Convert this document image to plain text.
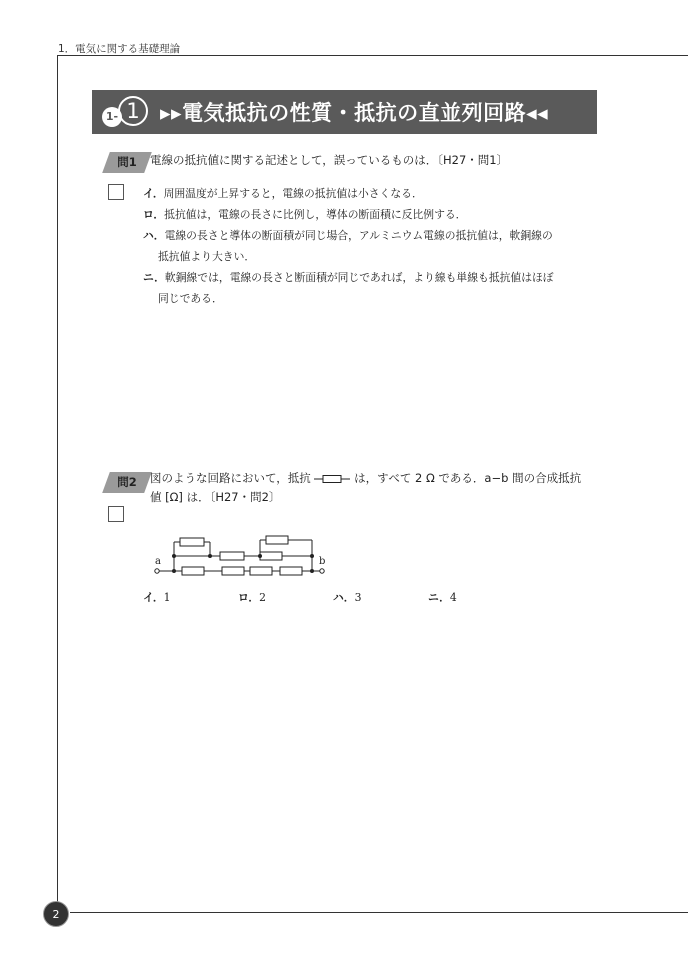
1．電気に関する基礎理論
2
1- 1 ▸▸電気抵抗の性質・抵抗の直並列回路◂◂
問1	電線の抵抗値に関する記述として，誤っているものは．〔H27・問1〕
イ．周囲温度が上昇すると，電線の抵抗値は小さくなる．
ロ．抵抗値は，電線の長さに比例し，導体の断面積に反比例する．
ハ．電線の長さと導体の断面積が同じ場合，アルミニウム電線の抵抗値は，軟銅線の
抵抗値より大きい．
ニ．軟銅線では，電線の長さと断面積が同じであれば，より線も単線も抵抗値はほぼ
同じである．
問2	図のような回路において，抵抗	は，すべて 2 Ω である．a−b 間の合成抵抗
値 [Ω] は．〔H27・問2〕
a	b
イ．1	ロ．2	ハ．3	ニ．4
